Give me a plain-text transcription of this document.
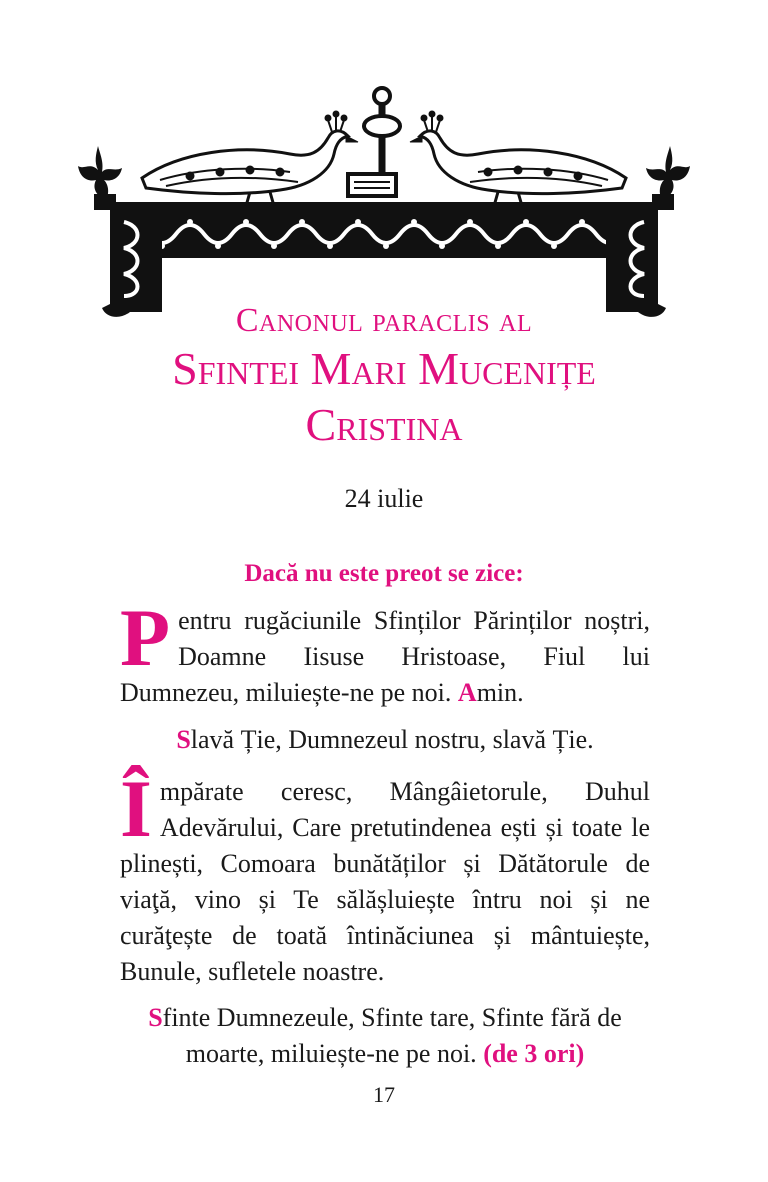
Canonul paraclis al
Sfintei Mari Mucenițe
Cristina
24 iulie
Dacă nu este preot se zice:
Pentru rugăciunile Sfinților Părinților noștri, Doamne Iisuse Hristoase, Fiul lui Dumnezeu, miluiește-ne pe noi. Amin.
Slavă Ție, Dumnezeul nostru, slavă Ție.
Împărate ceresc, Mângâietorule, Duhul Adevărului, Care pretutindenea ești și toate le plinești, Comoara bunătăților și Dătătorule de viaţă, vino și Te sălășluiește întru noi și ne curăţește de toată întinăciunea și mântuiește, Bunule, sufletele noastre.
Sfinte Dumnezeule, Sfinte tare, Sfinte fără de
moarte, miluiește-ne pe noi. (de 3 ori)
17
